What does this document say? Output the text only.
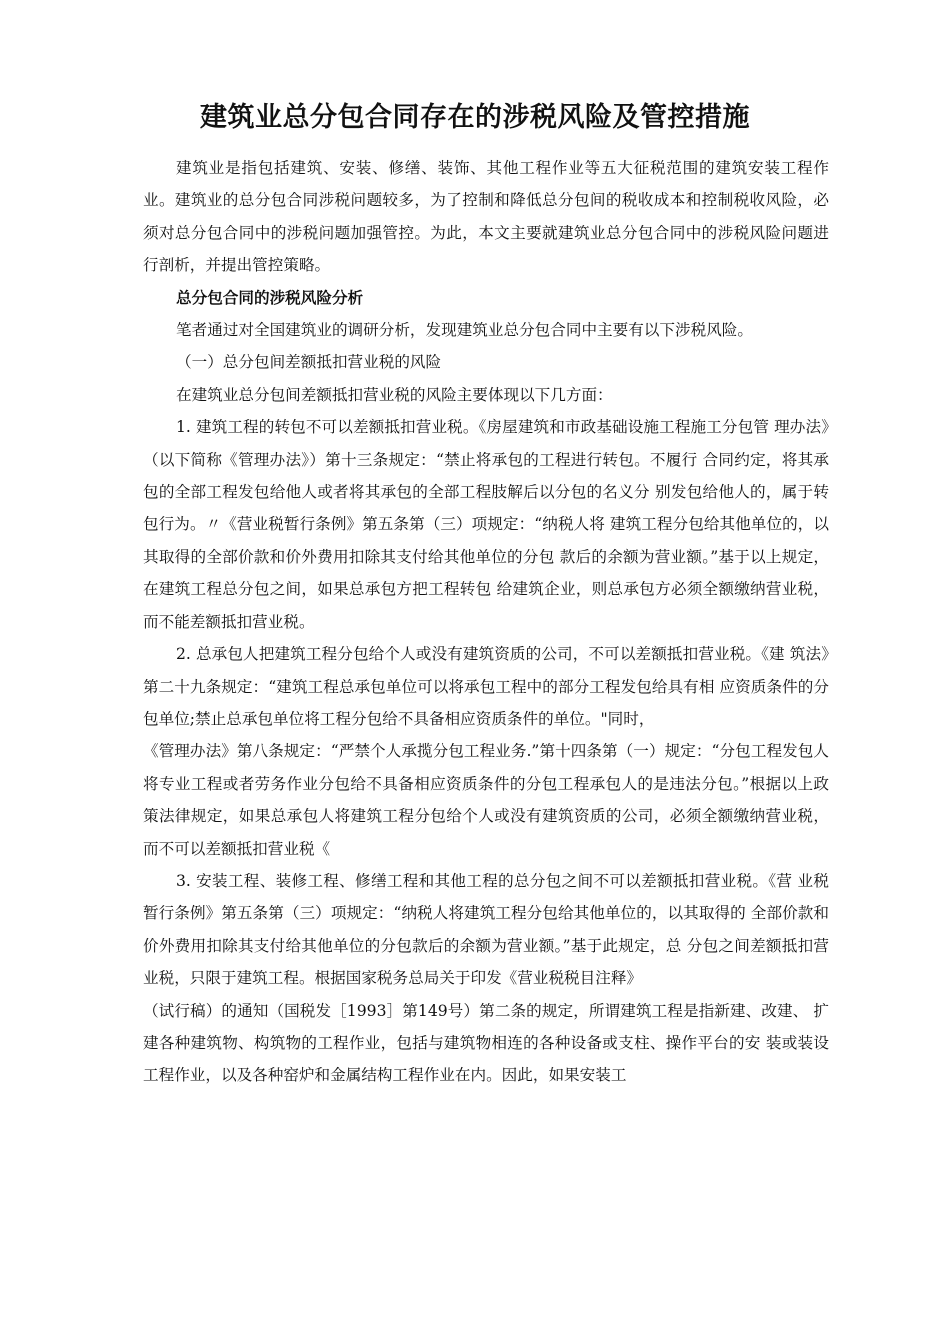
建筑业总分包合同存在的涉税风险及管控措施

建筑业是指包括建筑、安装、修缮、装饰、其他工程作业等五大征税范围的建筑安装工程作业。建筑业的总分包合同涉税问题较多，为了控制和降低总分包间的税收成本和控制税收风险，必须对总分包合同中的涉税问题加强管控。为此，本文主要就建筑业总分包合同中的涉税风险问题进行剖析，并提出管控策略。

总分包合同的涉税风险分析

笔者通过对全国建筑业的调研分析，发现建筑业总分包合同中主要有以下涉税风险。

（一）总分包间差额抵扣营业税的风险

在建筑业总分包间差额抵扣营业税的风险主要体现以下几方面：

1. 建筑工程的转包不可以差额抵扣营业税。《房屋建筑和市政基础设施工程施工分包管 理办法》（以下简称《管理办法》）第十三条规定：“禁止将承包的工程进行转包。不履行 合同约定，将其承包的全部工程发包给他人或者将其承包的全部工程肢解后以分包的名义分 别发包给他人的，属于转包行为。〃《营业税暂行条例》第五条第（三）项规定：“纳税人将 建筑工程分包给其他单位的，以其取得的全部价款和价外费用扣除其支付给其他单位的分包 款后的余额为营业额。”基于以上规定，在建筑工程总分包之间，如果总承包方把工程转包 给建筑企业，则总承包方必须全额缴纳营业税，而不能差额抵扣营业税。

2. 总承包人把建筑工程分包给个人或没有建筑资质的公司，不可以差额抵扣营业税。《建 筑法》第二十九条规定：“建筑工程总承包单位可以将承包工程中的部分工程发包给具有相 应资质条件的分包单位;禁止总承包单位将工程分包给不具备相应资质条件的单位。"同时，

《管理办法》第八条规定：“严禁个人承揽分包工程业务.”第十四条第（一）规定：“分包工程发包人将专业工程或者劳务作业分包给不具备相应资质条件的分包工程承包人的是违法分包。”根据以上政策法律规定，如果总承包人将建筑工程分包给个人或没有建筑资质的公司，必须全额缴纳营业税，而不可以差额抵扣营业税《

3. 安装工程、装修工程、修缮工程和其他工程的总分包之间不可以差额抵扣营业税。《营 业税暂行条例》第五条第（三）项规定：“纳税人将建筑工程分包给其他单位的，以其取得的 全部价款和价外费用扣除其支付给其他单位的分包款后的余额为营业额。”基于此规定，总 分包之间差额抵扣营业税，只限于建筑工程。根据国家税务总局关于印发《营业税税目注释》

（试行稿）的通知（国税发［1993］第149号）第二条的规定，所谓建筑工程是指新建、改建、 扩建各种建筑物、构筑物的工程作业，包括与建筑物相连的各种设备或支柱、操作平台的安 装或装设工程作业，以及各种窑炉和金属结构工程作业在内。因此，如果安装工
